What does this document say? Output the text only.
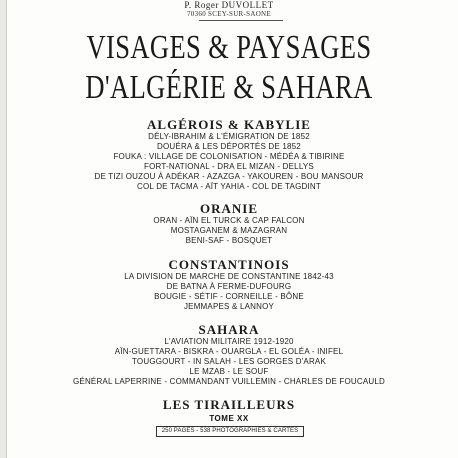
P. Roger DUVOLLET
70360 SCEY-SUR-SAONE
VISAGES & PAYSAGES
D'ALGÉRIE & SAHARA
ALGÉROIS & KABYLIE
DÉLY-IBRAHIM & L'ÉMIGRATION DE 1852
DOUÉRA & LES DÉPORTÉS DE 1852
FOUKA : VILLAGE DE COLONISATION - MÉDÉA & TIBIRINE
FORT-NATIONAL - DRA EL MIZAN - DELLYS
DE TIZI OUZOU À ADÉKAR - AZAZGA - YAKOUREN - BOU MANSOUR
COL DE TACMA - AÏT YAHIA - COL DE TAGDINT
ORANIE
ORAN - AÏN EL TURCK & CAP FALCON
MOSTAGANEM & MAZAGRAN
BENI-SAF - BOSQUET
CONSTANTINOIS
LA DIVISION DE MARCHE DE CONSTANTINE 1842-43
DE BATNA À FERME-DUFOURG
BOUGIE - SÉTIF - CORNEILLE - BÔNE
JEMMAPES & LANNOY
SAHARA
L'AVIATION MILITAIRE 1912-1920
AÏN-GUETTARA - BISKRA - OUARGLA - EL GOLÉA - INIFEL
TOUGGOURT - IN SALAH - LES GORGES D'ARAK
LE MZAB - LE SOUF
GÉNÉRAL LAPERRINE - COMMANDANT VUILLEMIN - CHARLES DE FOUCAULD
LES TIRAILLEURS
TOME XX
250 PAGES - 538 PHOTOGRAPHIES & CARTES
